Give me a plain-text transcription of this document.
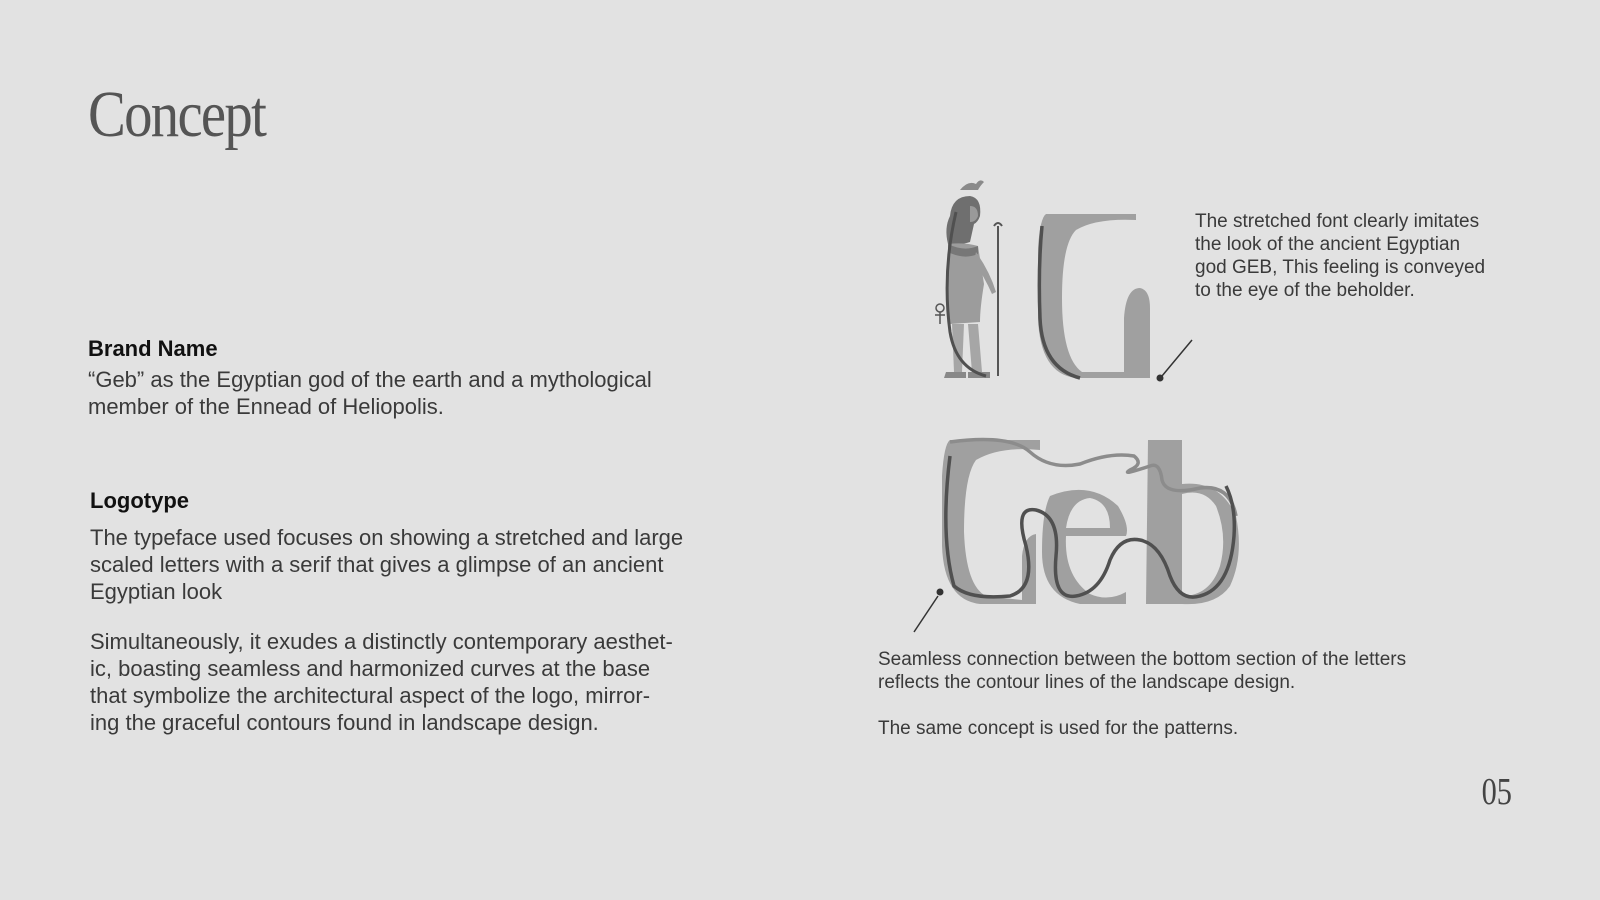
Concept
Brand Name
“Geb” as the Egyptian god of the earth and a mythological
member of the Ennead of Heliopolis.
Logotype
The typeface used focuses on showing a stretched and large
scaled letters with a serif that gives a glimpse of an ancient
Egyptian look
Simultaneously, it exudes a distinctly contemporary aesthet-
ic, boasting seamless and harmonized curves at the base
that symbolize the architectural aspect of the logo, mirror-
ing the graceful contours found in landscape design.
The stretched font clearly imitates
the look of the ancient Egyptian
god GEB, This feeling is conveyed
to the eye of the beholder.
Seamless connection between the bottom section of the letters
reflects the contour lines of the landscape design.
The same concept is used for the patterns.
05
